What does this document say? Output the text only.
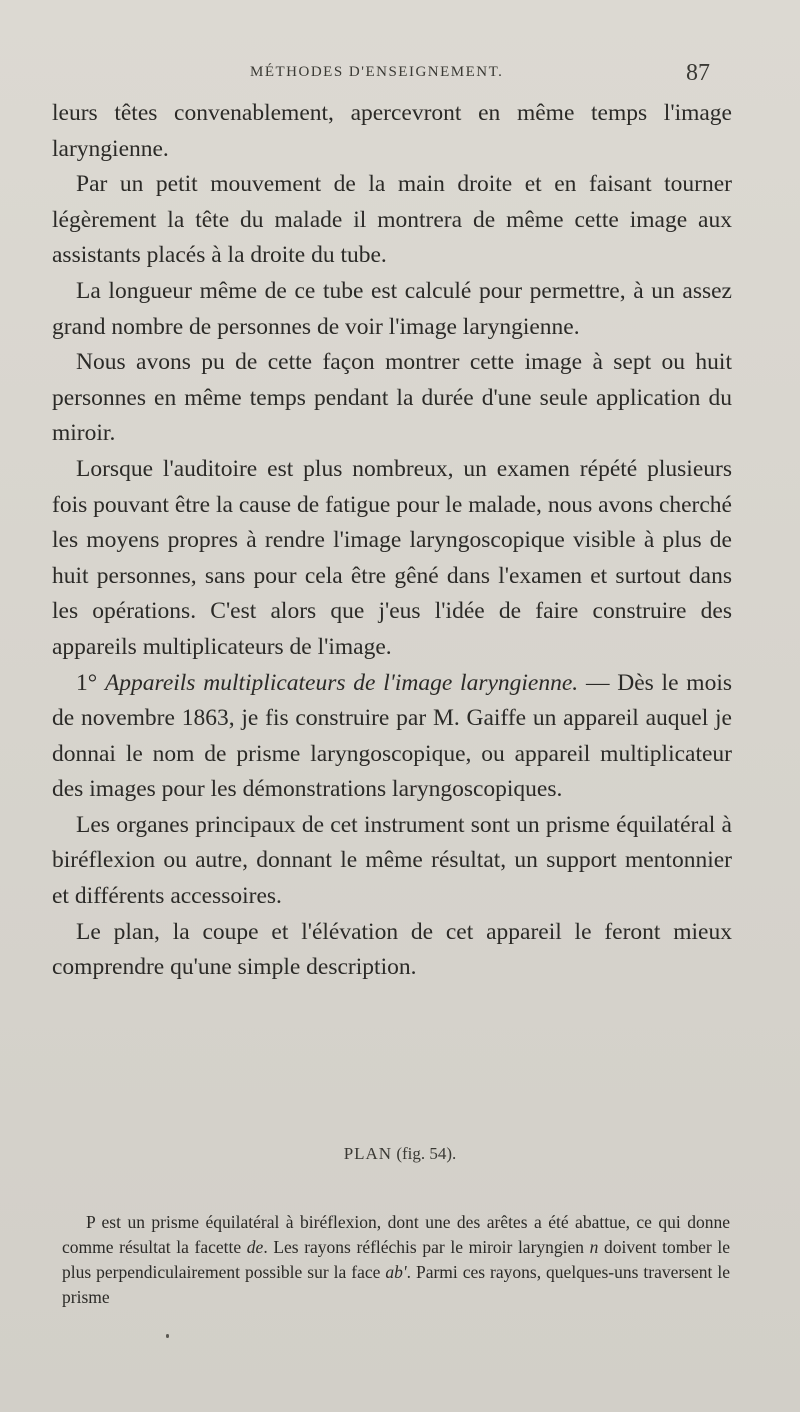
MÉTHODES D'ENSEIGNEMENT.	87

leurs têtes convenablement, apercevront en même temps l'image laryngienne.

Par un petit mouvement de la main droite et en faisant tourner légèrement la tête du malade il montrera de même cette image aux assistants placés à la droite du tube.

La longueur même de ce tube est calculé pour permettre, à un assez grand nombre de personnes de voir l'image laryngienne.

Nous avons pu de cette façon montrer cette image à sept ou huit personnes en même temps pendant la durée d'une seule application du miroir.

Lorsque l'auditoire est plus nombreux, un examen répété plusieurs fois pouvant être la cause de fatigue pour le malade, nous avons cherché les moyens propres à rendre l'image laryngoscopique visible à plus de huit personnes, sans pour cela être gêné dans l'examen et surtout dans les opérations. C'est alors que j'eus l'idée de faire construire des appareils multiplicateurs de l'image.

1° Appareils multiplicateurs de l'image laryngienne. — Dès le mois de novembre 1863, je fis construire par M. Gaiffe un appareil auquel je donnai le nom de prisme laryngoscopique, ou appareil multiplicateur des images pour les démonstrations laryngoscopiques.

Les organes principaux de cet instrument sont un prisme équilatéral à biréflexion ou autre, donnant le même résultat, un support mentonnier et différents accessoires.

Le plan, la coupe et l'élévation de cet appareil le feront mieux comprendre qu'une simple description.

PLAN (fig. 54).

P est un prisme équilatéral à biréflexion, dont une des arêtes a été abattue, ce qui donne comme résultat la facette de. Les rayons réfléchis par le miroir laryngien n doivent tomber le plus perpendiculairement possible sur la face ab'. Parmi ces rayons, quelques-uns traversent le prisme
